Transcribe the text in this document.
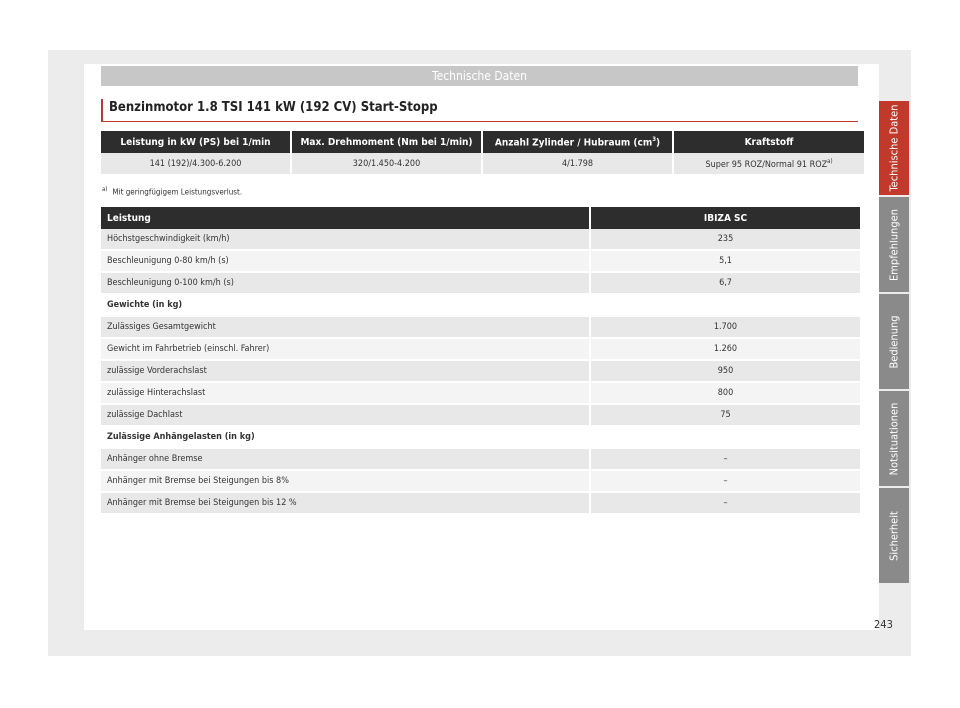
Technische Daten
Benzinmotor 1.8 TSI 141 kW (192 CV) Start-Stopp
Leistung in kW (PS) bei 1/min	Max. Drehmoment (Nm bei 1/min)	Anzahl Zylinder / Hubraum $(cm^3)$	Kraftstoff
141 (192)/4.300-6.200	320/1.450-4.200	4/1.798	Super 95 ROZ/Normal 91 ROZ$^{a)}$
$^{a)}$ Mit geringfügigem Leistungsverlust.
Leistung	IBIZA SC
Höchstgeschwindigkeit (km/h)	235
Beschleunigung 0-80 km/h (s)	5,1
Beschleunigung 0-100 km/h (s)	6,7
Gewichte (in kg)	
Zulässiges Gesamtgewicht	1.700
Gewicht im Fahrbetrieb (einschl. Fahrer)	1.260
zulässige Vorderachslast	950
zulässige Hinterachslast	800
zulässige Dachlast	75
Zulässige Anhängelasten (in kg)	
Anhänger ohne Bremse	–
Anhänger mit Bremse bei Steigungen bis 8%	–
Anhänger mit Bremse bei Steigungen bis 12 %	–
Technische Daten
Empfehlungen
Bedienung
Notsituationen
Sicherheit
243
